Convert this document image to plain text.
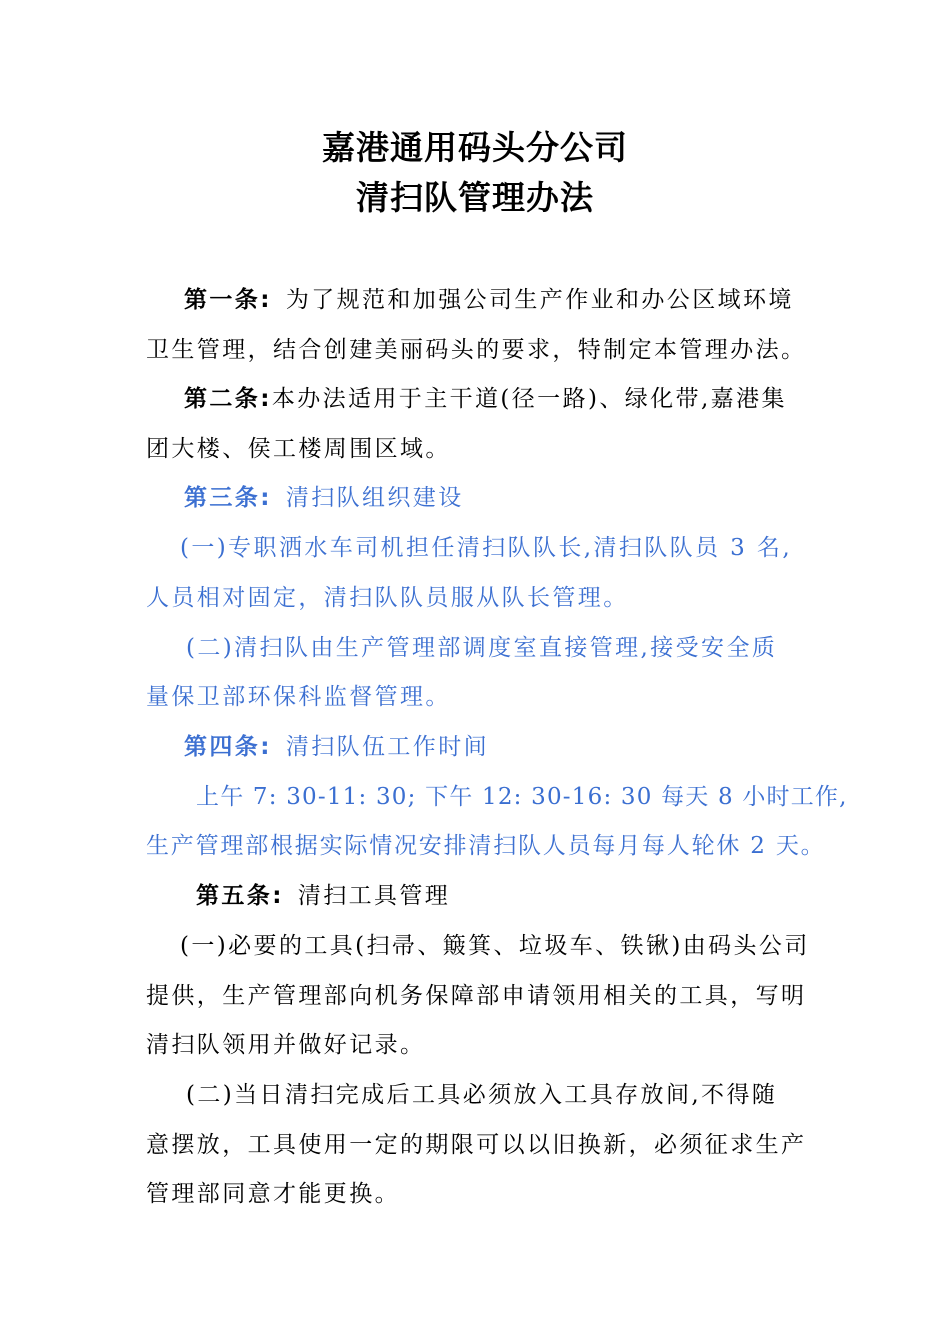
嘉港通用码头分公司
清扫队管理办法
第一条: 为了规范和加强公司生产作业和办公区域环境
卫生管理，结合创建美丽码头的要求，特制定本管理办法。
第二条:本办法适用于主干道(径一路)、绿化带,嘉港集
团大楼、侯工楼周围区域。
第三条: 清扫队组织建设
(一)专职洒水车司机担任清扫队队长,清扫队队员 3 名,
人员相对固定，清扫队队员服从队长管理。
(二)清扫队由生产管理部调度室直接管理,接受安全质
量保卫部环保科监督管理。
第四条: 清扫队伍工作时间
上午 7: 30-11: 30; 下午 12: 30-16: 30 每天 8 小时工作,
生产管理部根据实际情况安排清扫队人员每月每人轮休 2 天。
第五条: 清扫工具管理
(一)必要的工具(扫帚、簸箕、垃圾车、铁锹)由码头公司
提供，生产管理部向机务保障部申请领用相关的工具，写明
清扫队领用并做好记录。
(二)当日清扫完成后工具必须放入工具存放间,不得随
意摆放，工具使用一定的期限可以以旧换新，必须征求生产
管理部同意才能更换。
